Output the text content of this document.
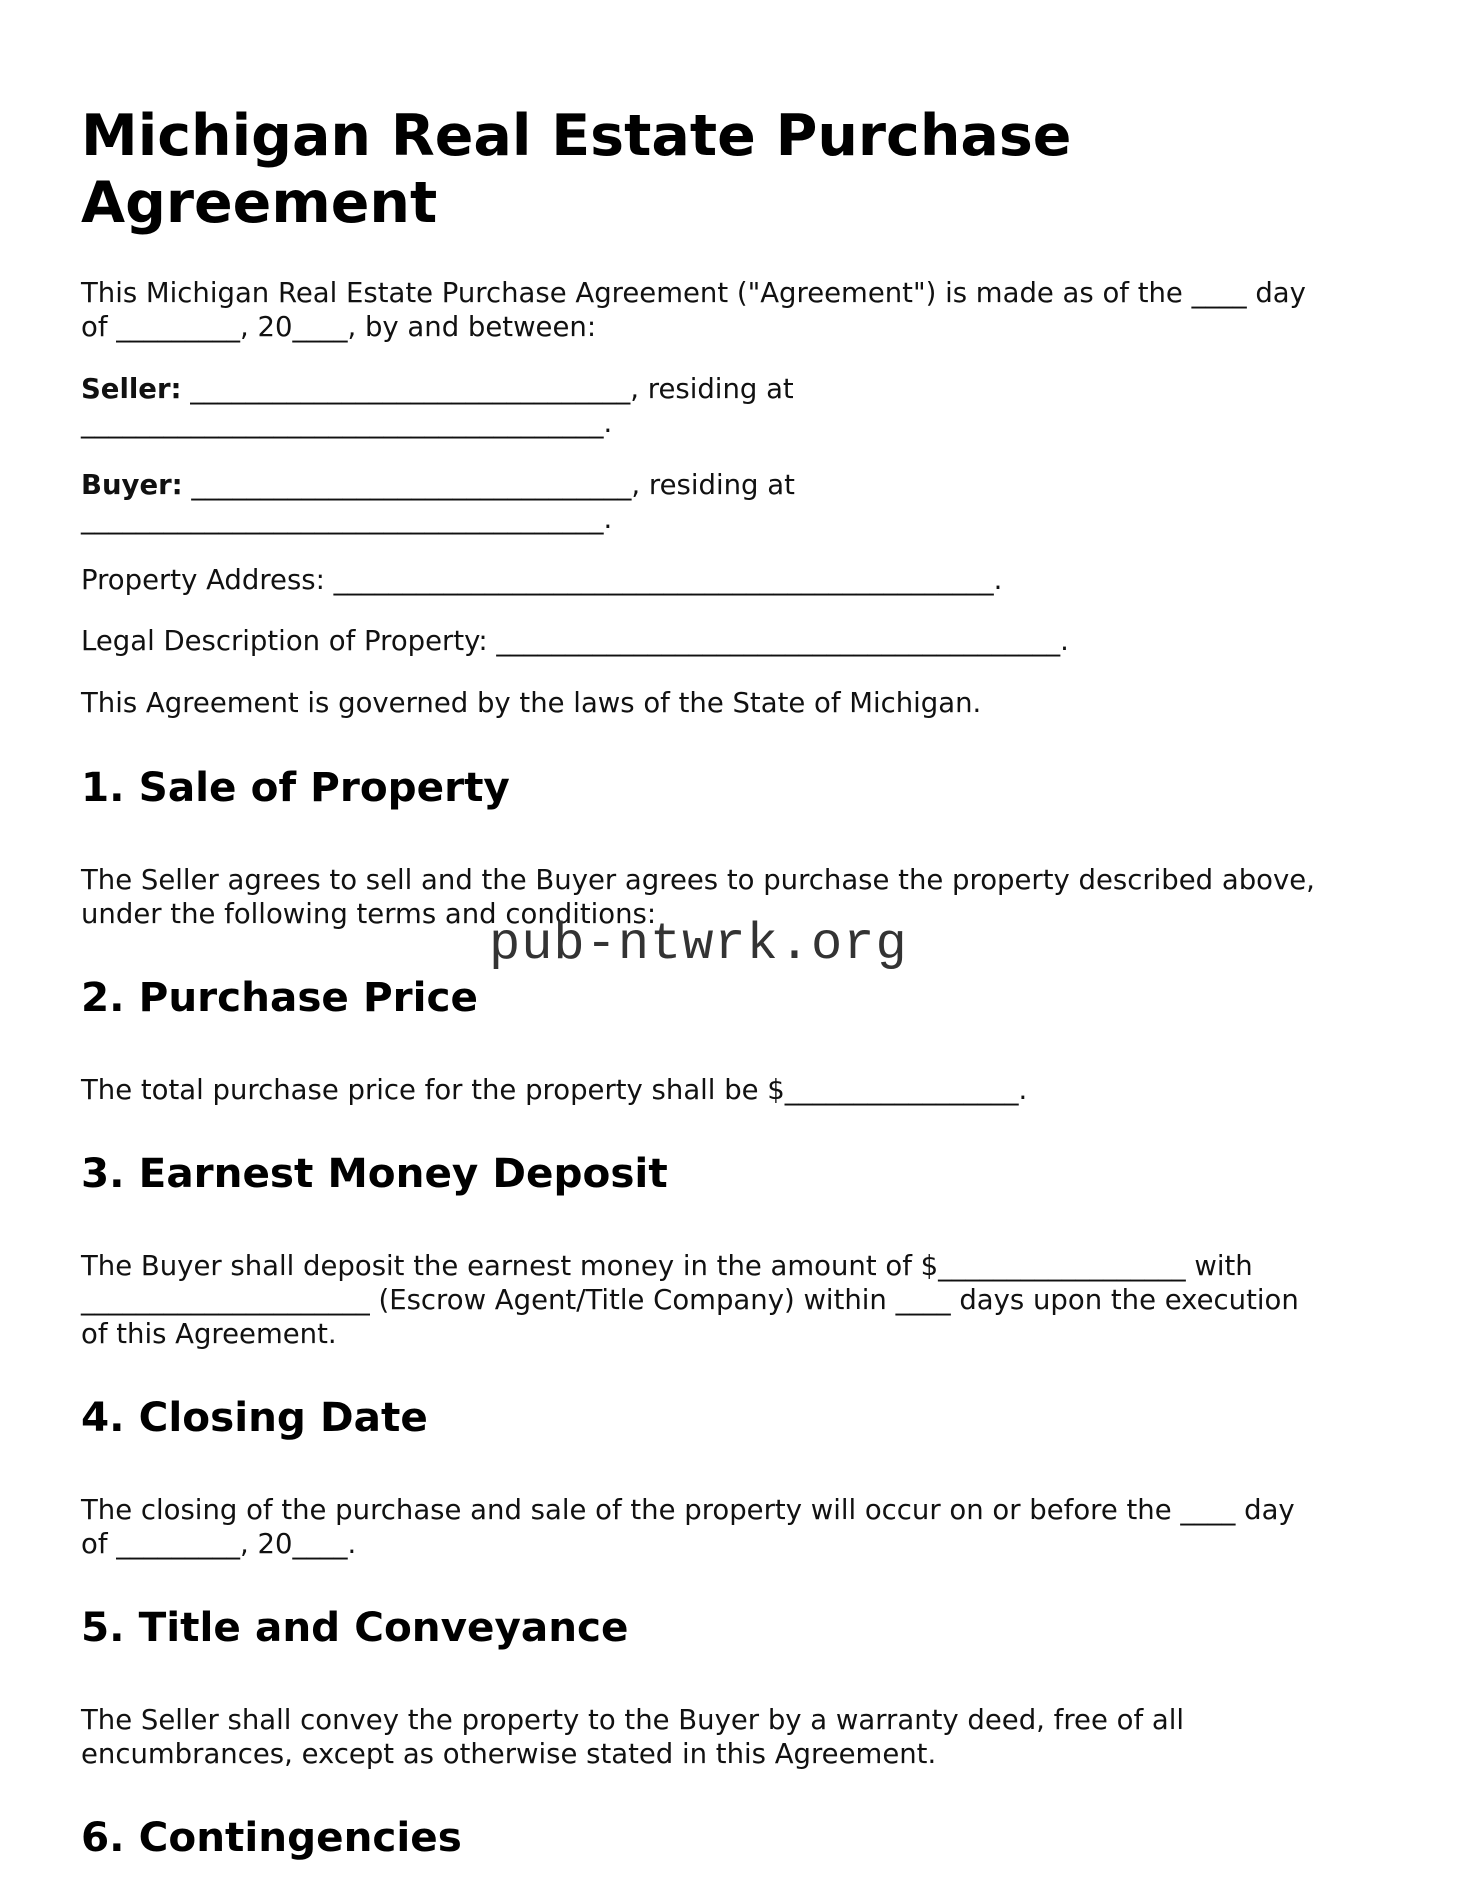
Michigan Real Estate Purchase Agreement

This Michigan Real Estate Purchase Agreement ("Agreement") is made as of the ____ day
of _________, 20____, by and between:

Seller: ________________________________, residing at
______________________________________.

Buyer: ________________________________, residing at
______________________________________.

Property Address: ________________________________________________.

Legal Description of Property: _________________________________________.

This Agreement is governed by the laws of the State of Michigan.

1. Sale of Property

The Seller agrees to sell and the Buyer agrees to purchase the property described above,
under the following terms and conditions:

2. Purchase Price

The total purchase price for the property shall be $_________________.

3. Earnest Money Deposit

The Buyer shall deposit the earnest money in the amount of $__________________ with
_____________________ (Escrow Agent/Title Company) within ____ days upon the execution
of this Agreement.

4. Closing Date

The closing of the purchase and sale of the property will occur on or before the ____ day
of _________, 20____.

5. Title and Conveyance

The Seller shall convey the property to the Buyer by a warranty deed, free of all
encumbrances, except as otherwise stated in this Agreement.

6. Contingencies
pub-ntwrk.org
